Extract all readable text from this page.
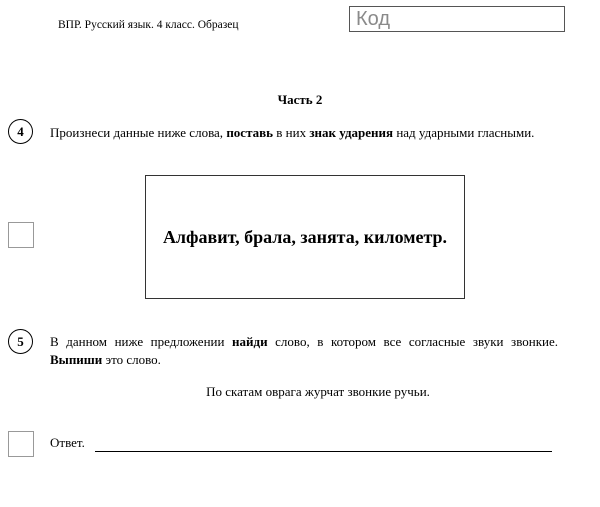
ВПР. Русский язык. 4 класс. Образец	Код
Часть 2
4	Произнеси данные ниже слова, поставь в них знак ударения над ударными гласными.
Алфавит, брала, занята, километр.
5	В данном ниже предложении найди слово, в котором все согласные звуки звонкие. Выпиши это слово.
По скатам оврага журчат звонкие ручьи.
Ответ.
